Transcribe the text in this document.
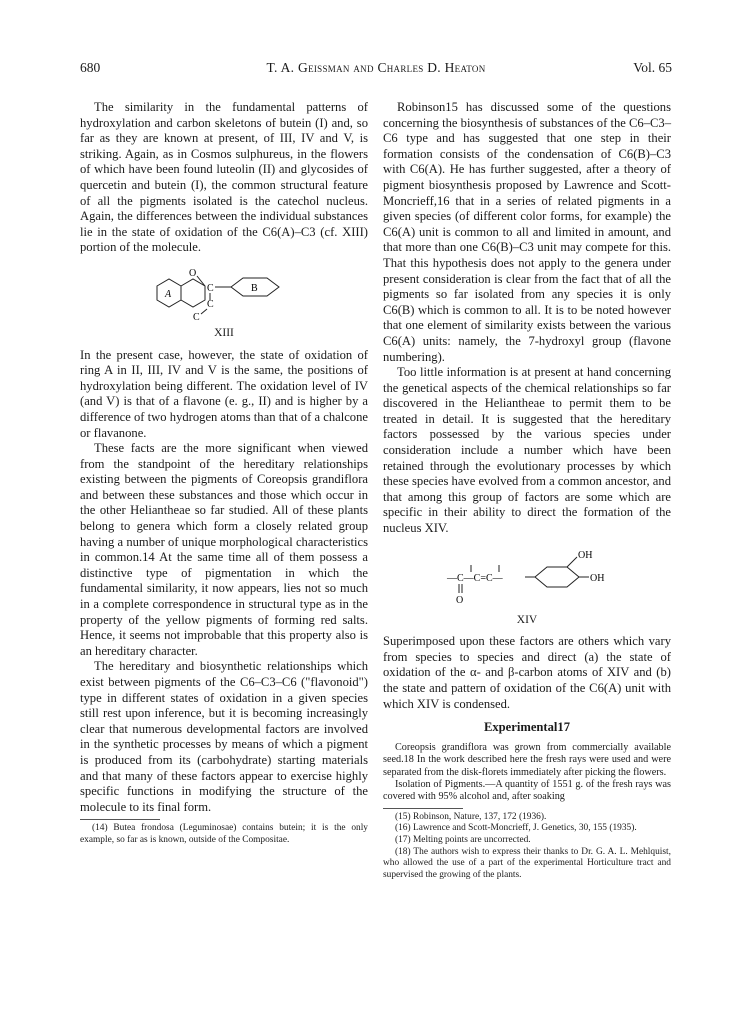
680	T. A. Geissman and Charles D. Heaton	Vol. 65

The similarity in the fundamental patterns of hydroxylation and carbon skeletons of butein (I) and, so far as they are known at present, of III, IV and V, is striking. Again, as in Cosmos sulphureus, in the flowers of which have been found luteolin (II) and glycosides of quercetin and butein (I), the common structural feature of all the pigments isolated is the catechol nucleus. Again, the differences between the individual substances lie in the state of oxidation of the C6(A)–C3 (cf. XIII) portion of the molecule.

A
O
C	B
C
C
XIII

In the present case, however, the state of oxidation of ring A in II, III, IV and V is the same, the positions of hydroxylation being different. The oxidation level of IV (and V) is that of a flavone (e. g., II) and is higher by a difference of two hydrogen atoms than that of a chalcone or flavanone.

These facts are the more significant when viewed from the standpoint of the hereditary relationships existing between the pigments of Coreopsis grandiflora and between these substances and those which occur in the other Heliantheae so far studied. All of these plants belong to genera which form a closely related group having a number of unique morphological characteristics in common.14 At the same time all of them possess a distinctive type of pigmentation in which the fundamental similarity, it now appears, lies not so much in a complete correspondence in structural type as in the property of the yellow pigments of forming red salts. Hence, it seems not improbable that this property also is an hereditary character.

The hereditary and biosynthetic relationships which exist between pigments of the C6–C3–C6 ("flavonoid") type in different states of oxidation in a given species still rest upon inference, but it is becoming increasingly clear that numerous developmental factors are involved in the synthetic processes by means of which a pigment is produced from its (carbohydrate) starting materials and that many of these factors appear to exercise highly specific functions in modifying the structure of the molecule to its final form.

(14) Butea frondosa (Leguminosae) contains butein; it is the only example, so far as is known, outside of the Compositae.

Robinson15 has discussed some of the questions concerning the biosynthesis of substances of the C6–C3–C6 type and has suggested that one step in their formation consists of the condensation of C6(B)–C3 with C6(A). He has further suggested, after a theory of pigment biosynthesis proposed by Lawrence and Scott-Moncrieff,16 that in a series of related pigments in a given species (of different color forms, for example) the C6(A) unit is common to all and limited in amount, and that more than one C6(B)–C3 unit may compete for this. That this hypothesis does not apply to the genera under present consideration is clear from the fact that of all the pigments so far isolated from any species it is only C6(B) which is common to all. It is to be noted however that one element of similarity exists between the various C6(A) units: namely, the 7-hydroxyl group (flavone numbering).

Too little information is at present at hand concerning the genetical aspects of the chemical relationships so far discovered in the Heliantheae to permit them to be treated in detail. It is suggested that the hereditary factors possessed by the various species under consideration include a number which have been retained through the evolutionary processes by which these species have evolved from a common ancestor, and that among this group of factors are some which are specific in their ability to direct the formation of the nucleus XIV.

—C—C=C—
O
OH
OH
XIV

Superimposed upon these factors are others which vary from species to species and direct (a) the state of oxidation of the α- and β-carbon atoms of XIV and (b) the state and pattern of oxidation of the C6(A) unit with which XIV is condensed.

Experimental17

Coreopsis grandiflora was grown from commercially available seed.18 In the work described here the fresh rays were used and were separated from the disk-florets immediately after picking the flowers.

Isolation of Pigments.—A quantity of 1551 g. of the fresh rays was covered with 95% alcohol and, after soaking

(15) Robinson, Nature, 137, 172 (1936).

(16) Lawrence and Scott-Moncrieff, J. Genetics, 30, 155 (1935).

(17) Melting points are uncorrected.

(18) The authors wish to express their thanks to Dr. G. A. L. Mehlquist, who allowed the use of a part of the experimental Horticulture tract and supervised the growing of the plants.
